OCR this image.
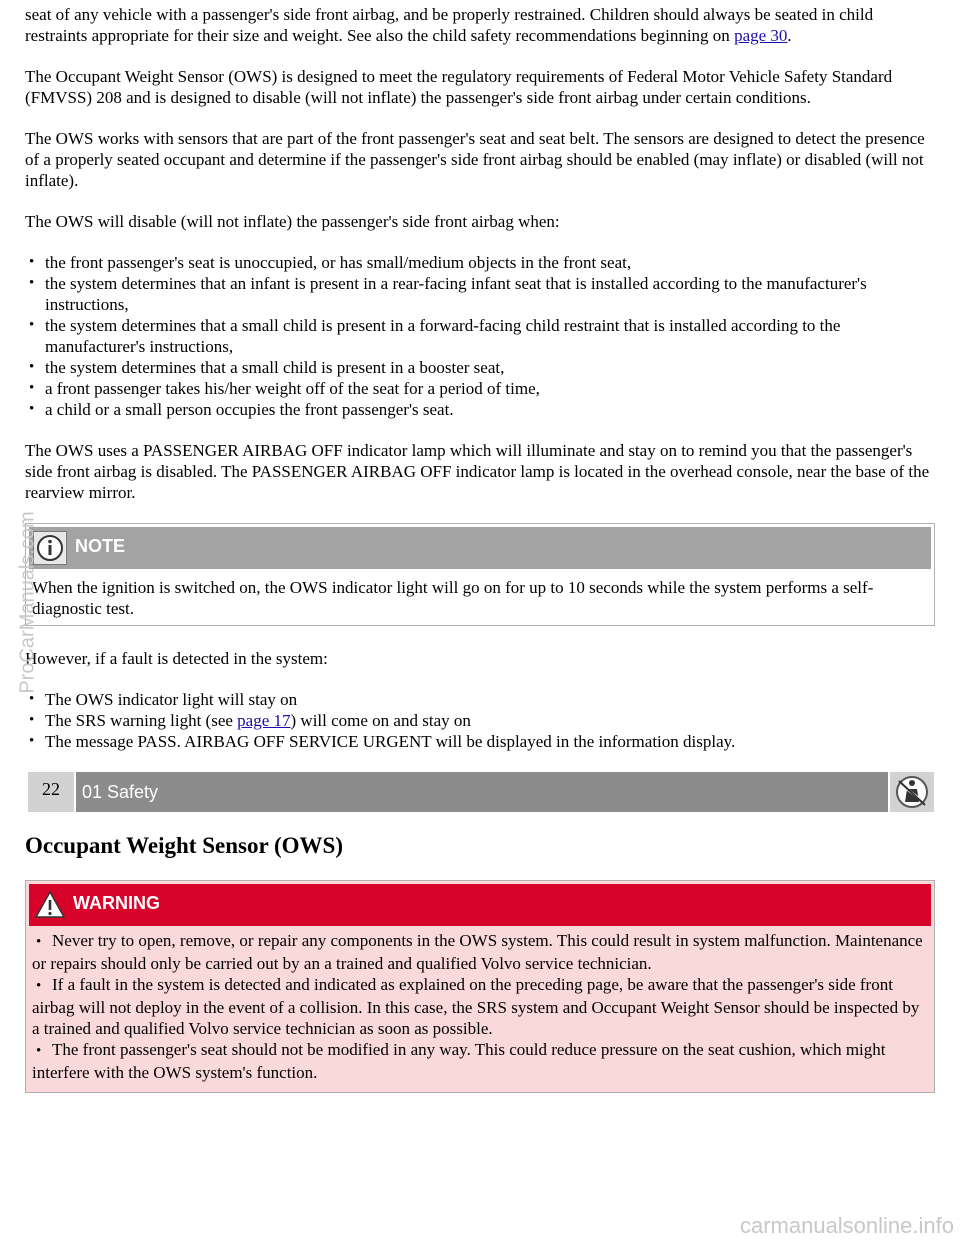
seat of any vehicle with a passenger's side front airbag, and be properly restrained. Children should always be seated in child restraints appropriate for their size and weight. See also the child safety recommendations beginning on page 30.

The Occupant Weight Sensor (OWS) is designed to meet the regulatory requirements of Federal Motor Vehicle Safety Standard (FMVSS) 208 and is designed to disable (will not inflate) the passenger's side front airbag under certain conditions.

The OWS works with sensors that are part of the front passenger's seat and seat belt. The sensors are designed to detect the presence of a properly seated occupant and determine if the passenger's side front airbag should be enabled (may inflate) or disabled (will not inflate).

The OWS will disable (will not inflate) the passenger's side front airbag when:

• the front passenger's seat is unoccupied, or has small/medium objects in the front seat,
• the system determines that an infant is present in a rear-facing infant seat that is installed according to the manufacturer's instructions,
• the system determines that a small child is present in a forward-facing child restraint that is installed according to the manufacturer's instructions,
• the system determines that a small child is present in a booster seat,
• a front passenger takes his/her weight off of the seat for a period of time,
• a child or a small person occupies the front passenger's seat.

The OWS uses a PASSENGER AIRBAG OFF indicator lamp which will illuminate and stay on to remind you that the passenger's side front airbag is disabled. The PASSENGER AIRBAG OFF indicator lamp is located in the overhead console, near the base of the rearview mirror.

NOTE
When the ignition is switched on, the OWS indicator light will go on for up to 10 seconds while the system performs a self-diagnostic test.

However, if a fault is detected in the system:

• The OWS indicator light will stay on
• The SRS warning light (see page 17) will come on and stay on
• The message PASS. AIRBAG OFF SERVICE URGENT will be displayed in the information display.
22	01 Safety
Occupant Weight Sensor (OWS)
WARNING
• Never try to open, remove, or repair any components in the OWS system. This could result in system malfunction. Maintenance or repairs should only be carried out by an a trained and qualified Volvo service technician.
• If a fault in the system is detected and indicated as explained on the preceding page, be aware that the passenger's side front airbag will not deploy in the event of a collision. In this case, the SRS system and Occupant Weight Sensor should be inspected by a trained and qualified Volvo service technician as soon as possible.
• The front passenger's seat should not be modified in any way. This could reduce pressure on the seat cushion, which might interfere with the OWS system's function.
ProCarManuals.com
carmanualsonline.info
